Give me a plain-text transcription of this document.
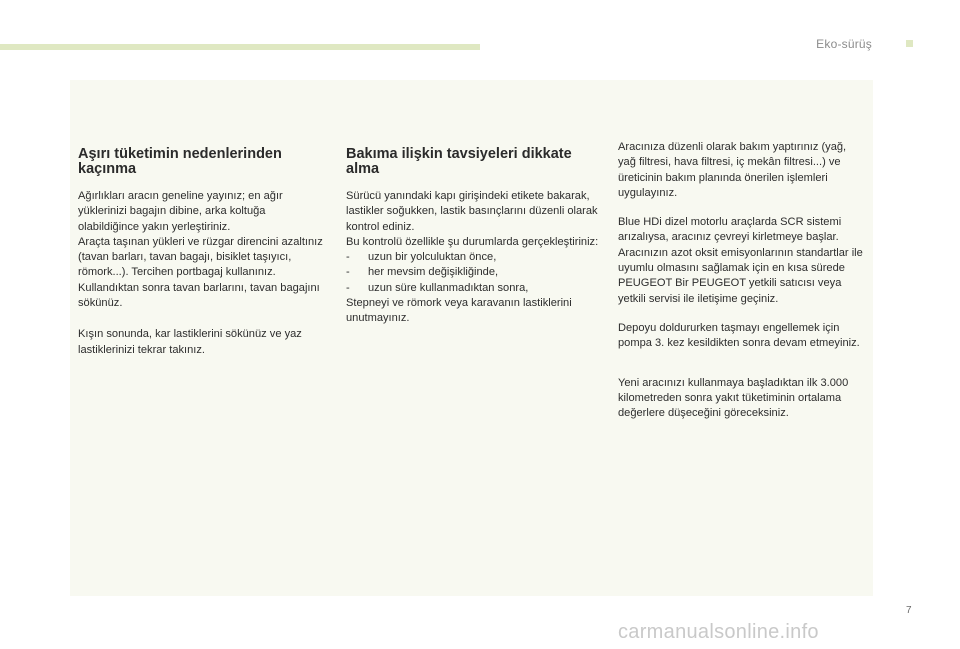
Eko-sürüş
Aşırı tüketimin nedenlerinden kaçınma

Ağırlıkları aracın geneline yayınız; en ağır yüklerinizi bagajın dibine, arka koltuğa olabildiğince yakın yerleştiriniz.

Araçta taşınan yükleri ve rüzgar direncini azaltınız (tavan barları, tavan bagajı, bisiklet taşıyıcı, römork...). Tercihen portbagaj kullanınız.

Kullandıktan sonra tavan barlarını, tavan bagajını sökünüz.

Kışın sonunda, kar lastiklerini sökünüz ve yaz lastiklerinizi tekrar takınız.

Bakıma ilişkin tavsiyeleri dikkate alma

Sürücü yanındaki kapı girişindeki etikete bakarak, lastikler soğukken, lastik basınçlarını düzenli olarak kontrol ediniz.

Bu kontrolü özellikle şu durumlarda gerçekleştiriniz:

-	uzun bir yolculuktan önce,
-	her mevsim değişikliğinde,
-	uzun süre kullanmadıktan sonra,

Stepneyi ve römork veya karavanın lastiklerini unutmayınız.

Aracınıza düzenli olarak bakım yaptırınız (yağ, yağ filtresi, hava filtresi, iç mekân filtresi...) ve üreticinin bakım planında önerilen işlemleri uygulayınız.

Blue HDi dizel motorlu araçlarda SCR sistemi arızalıysa, aracınız çevreyi kirletmeye başlar. Aracınızın azot oksit emisyonlarının standartlar ile uyumlu olmasını sağlamak için en kısa sürede PEUGEOT Bir PEUGEOT yetkili satıcısı veya yetkili servisi ile iletişime geçiniz.

Depoyu doldururken taşmayı engellemek için pompa 3. kez kesildikten sonra devam etmeyiniz.

Yeni aracınızı kullanmaya başladıktan ilk 3.000 kilometreden sonra yakıt tüketiminin ortalama değerlere düşeceğini göreceksiniz.

7
carmanualsonline.info
